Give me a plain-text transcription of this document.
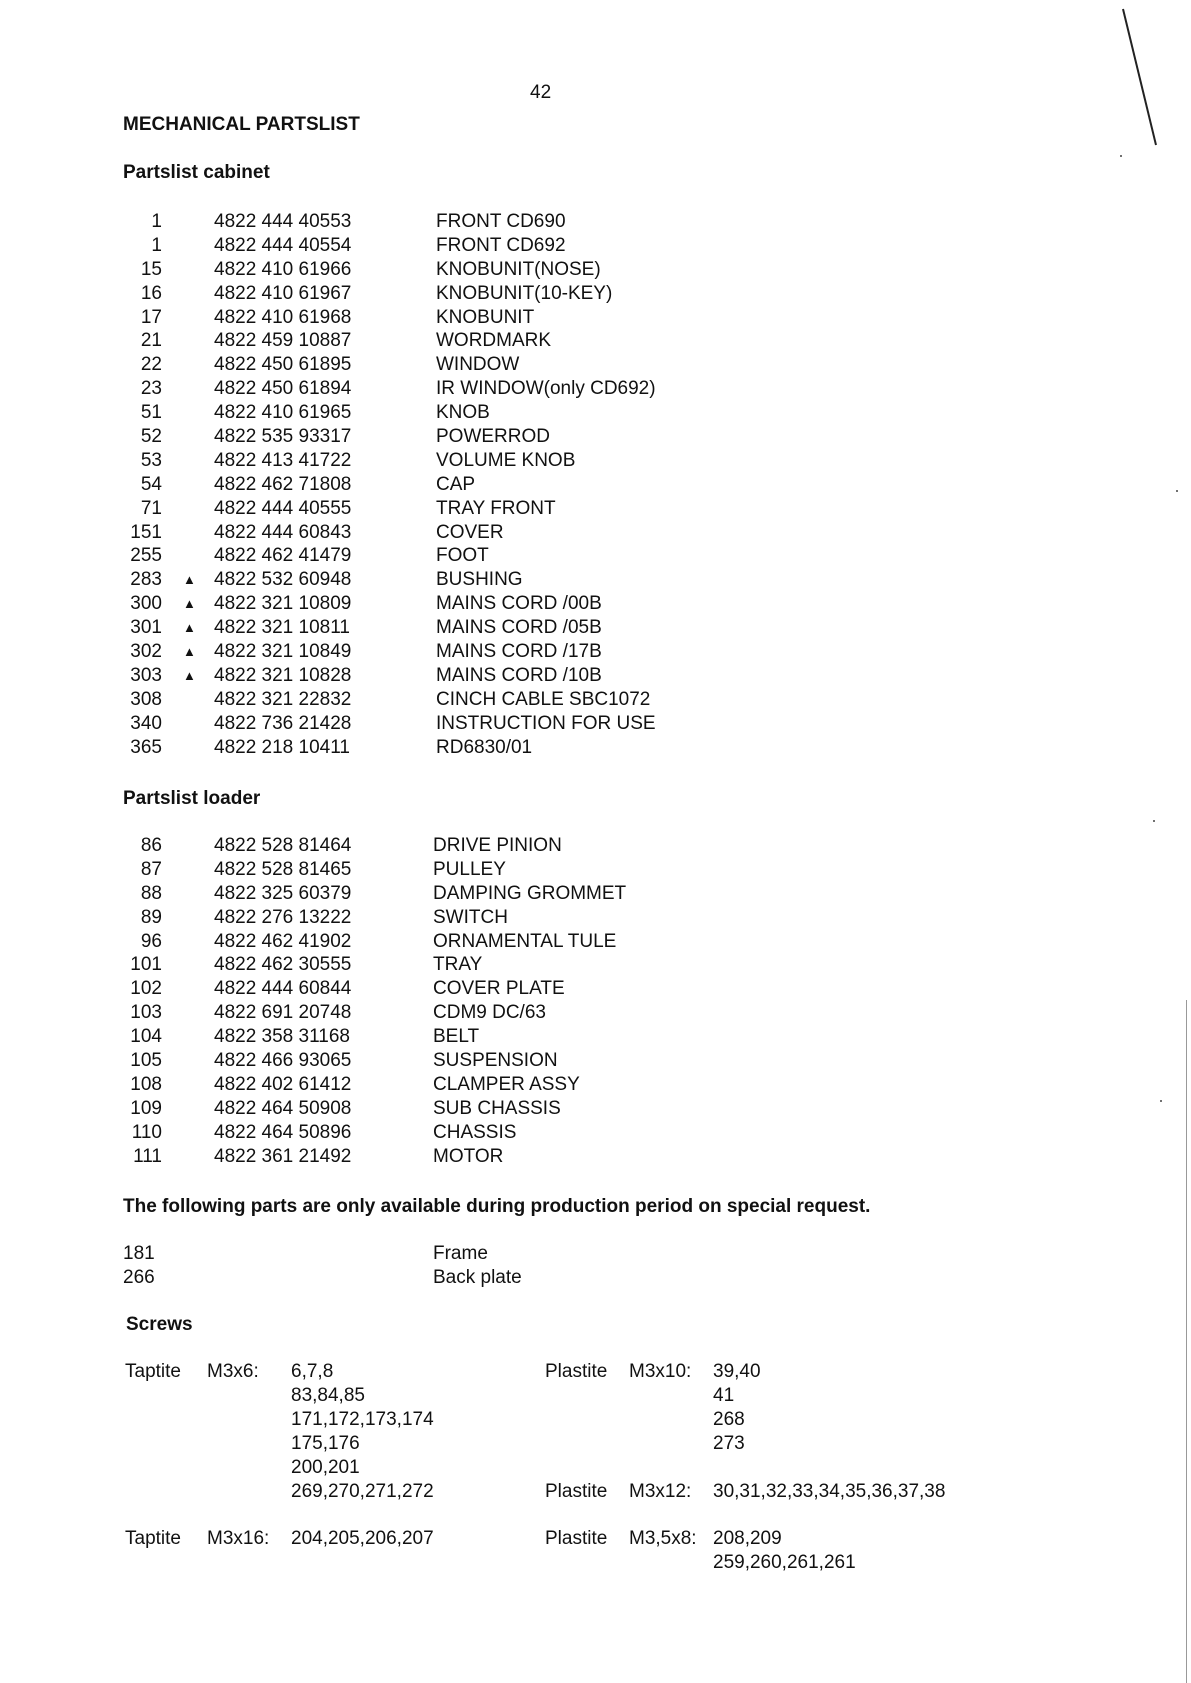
42
MECHANICAL PARTSLIST
Partslist cabinet
1	4822 444 40553	FRONT CD690
1	4822 444 40554	FRONT CD692
15	4822 410 61966	KNOBUNIT(NOSE)
16	4822 410 61967	KNOBUNIT(10-KEY)
17	4822 410 61968	KNOBUNIT
21	4822 459 10887	WORDMARK
22	4822 450 61895	WINDOW
23	4822 450 61894	IR WINDOW(only CD692)
51	4822 410 61965	KNOB
52	4822 535 93317	POWERROD
53	4822 413 41722	VOLUME KNOB
54	4822 462 71808	CAP
71	4822 444 40555	TRAY FRONT
151	4822 444 60843	COVER
255	4822 462 41479	FOOT
283 ▲ 4822 532 60948	BUSHING
300 ▲ 4822 321 10809	MAINS CORD /00B
301 ▲ 4822 321 10811	MAINS CORD /05B
302 ▲ 4822 321 10849	MAINS CORD /17B
303 ▲ 4822 321 10828	MAINS CORD /10B
308	4822 321 22832	CINCH CABLE SBC1072
340	4822 736 21428	INSTRUCTION FOR USE
365	4822 218 10411	RD6830/01
Partslist loader
86	4822 528 81464	DRIVE PINION
87	4822 528 81465	PULLEY
88	4822 325 60379	DAMPING GROMMET
89	4822 276 13222	SWITCH
96	4822 462 41902	ORNAMENTAL TULE
101	4822 462 30555	TRAY
102	4822 444 60844	COVER PLATE
103	4822 691 20748	CDM9 DC/63
104	4822 358 31168	BELT
105	4822 466 93065	SUSPENSION
108	4822 402 61412	CLAMPER ASSY
109	4822 464 50908	SUB CHASSIS
110	4822 464 50896	CHASSIS
111	4822 361 21492	MOTOR
The following parts are only available during production period on special request.
181	Frame
266	Back plate
Screws
Taptite M3x6: 6,7,8
83,84,85
171,172,173,174
175,176
200,201
269,270,271,272
Taptite M3x16: 204,205,206,207
Plastite M3x10: 39,40
41
268
273
Plastite M3x12: 30,31,32,33,34,35,36,37,38
Plastite M3,5x8: 208,209
259,260,261,261
